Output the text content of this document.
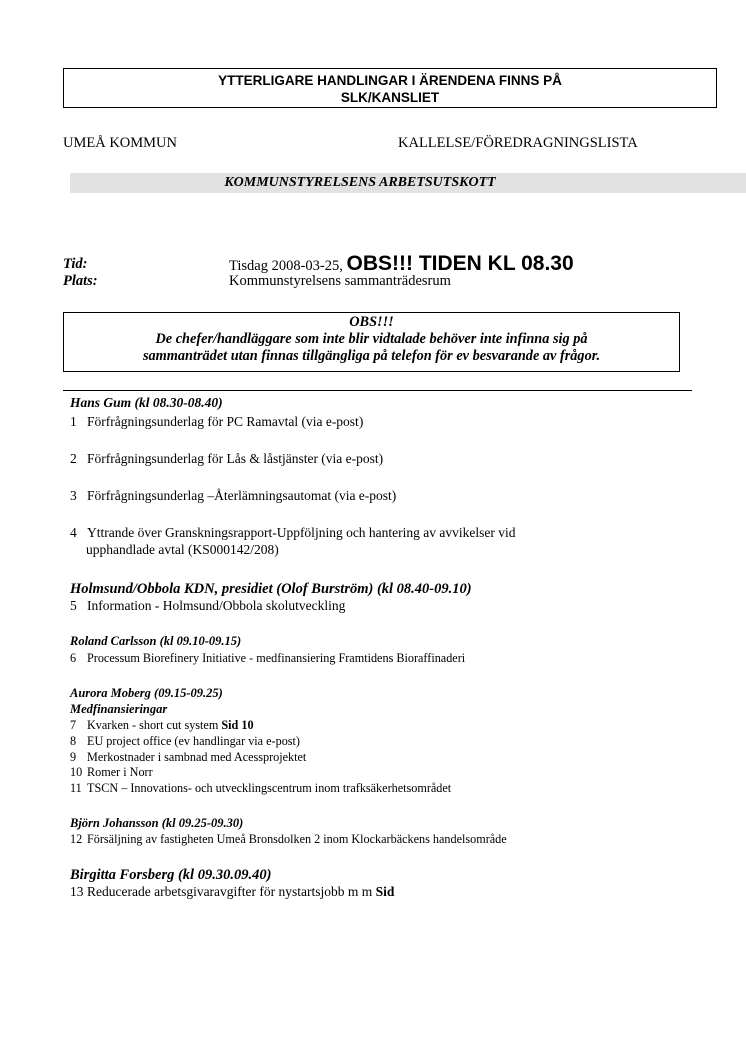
YTTERLIGARE HANDLINGAR I ÄRENDENA FINNS PÅ
SLK/KANSLIET
UMEÅ KOMMUN	KALLELSE/FÖREDRAGNINGSLISTA
KOMMUNSTYRELSENS ARBETSUTSKOTT
Tid:	Tisdag 2008-03-25, OBS!!! TIDEN KL 08.30
Plats:	Kommunstyrelsens sammanträdesrum
OBS!!!
De chefer/handläggare som inte blir vidtalade behöver inte infinna sig på
sammanträdet utan finnas tillgängliga på telefon för ev besvarande av frågor.
Hans Gum (kl 08.30-08.40)
1 Förfrågningsunderlag för PC Ramavtal (via e-post)
2 Förfrågningsunderlag för Lås & låstjänster (via e-post)
3 Förfrågningsunderlag –Återlämningsautomat (via e-post)
4 Yttrande över Granskningsrapport-Uppföljning och hantering av avvikelser vid
upphandlade avtal (KS000142/208)
Holmsund/Obbola KDN, presidiet (Olof Burström) (kl 08.40-09.10)
5 Information - Holmsund/Obbola skolutveckling
Roland Carlsson (kl 09.10-09.15)
6 Processum Biorefinery Initiative - medfinansiering Framtidens Bioraffinaderi
Aurora Moberg (09.15-09.25)
Medfinansieringar
7 Kvarken - short cut system Sid 10
8 EU project office (ev handlingar via e-post)
9 Merkostnader i sambnad med Acessprojektet
10 Romer i Norr
11 TSCN – Innovations- och utvecklingscentrum inom trafksäkerhetsområdet
Björn Johansson (kl 09.25-09.30)
12 Försäljning av fastigheten Umeå Bronsdolken 2 inom Klockarbäckens handelsområde
Birgitta Forsberg (kl 09.30.09.40)
13 Reducerade arbetsgivaravgifter för nystartsjobb m m Sid
